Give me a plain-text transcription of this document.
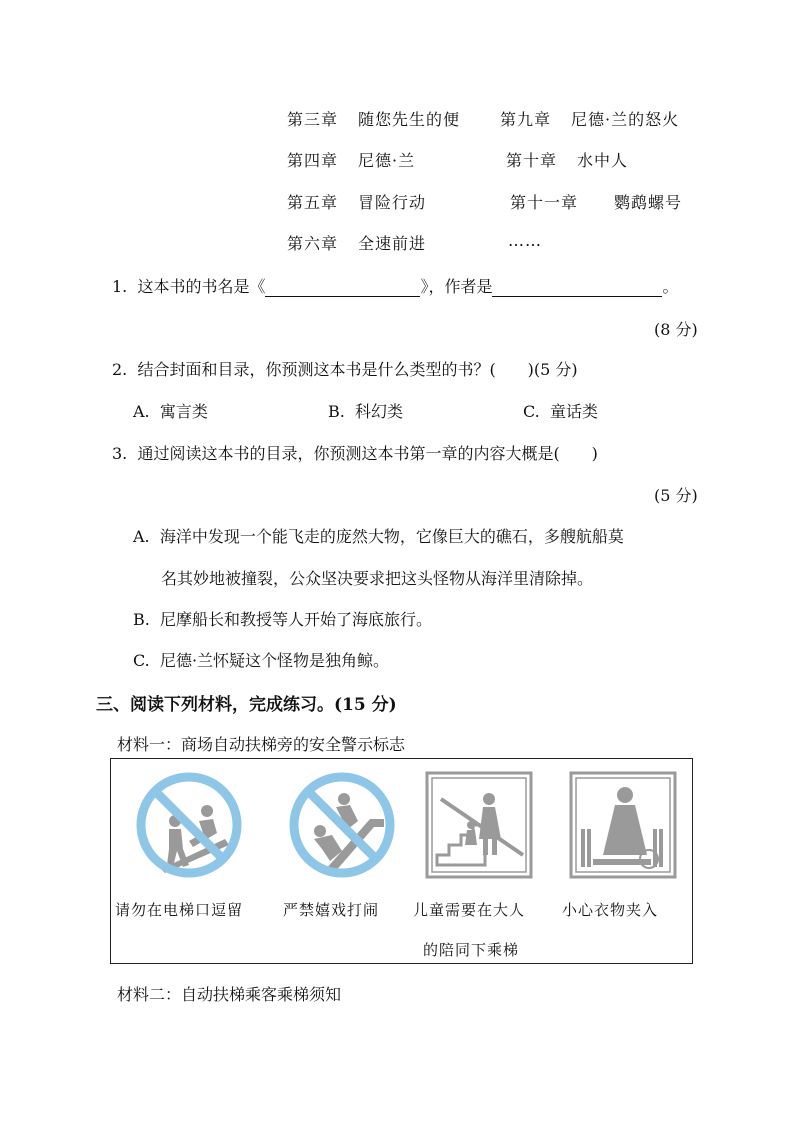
第三章 随您先生的便 第九章 尼德·兰的怒火
第四章 尼德·兰	第十章 水中人
第五章 冒险行动	第十一章 鹦鹉螺号
第六章 全速前进	……
1. 这本书的书名是《	》，作者是	。
(8 分)
2. 结合封面和目录，你预测这本书是什么类型的书？(　　)(5 分)
A. 寓言类	B. 科幻类	C. 童话类
3. 通过阅读这本书的目录，你预测这本书第一章的内容大概是(　　)
(5 分)
A. 海洋中发现一个能飞走的庞然大物，它像巨大的礁石，多艘航船莫
名其妙地被撞裂，公众坚决要求把这头怪物从海洋里清除掉。
B. 尼摩船长和教授等人开始了海底旅行。
C. 尼德·兰怀疑这个怪物是独角鲸。
三、阅读下列材料，完成练习。(15 分)
材料一：商场自动扶梯旁的安全警示标志
请勿在电梯口逗留	严禁嬉戏打闹 儿童需要在大人
的陪同下乘梯
小心衣物夹入
材料二：自动扶梯乘客乘梯须知
